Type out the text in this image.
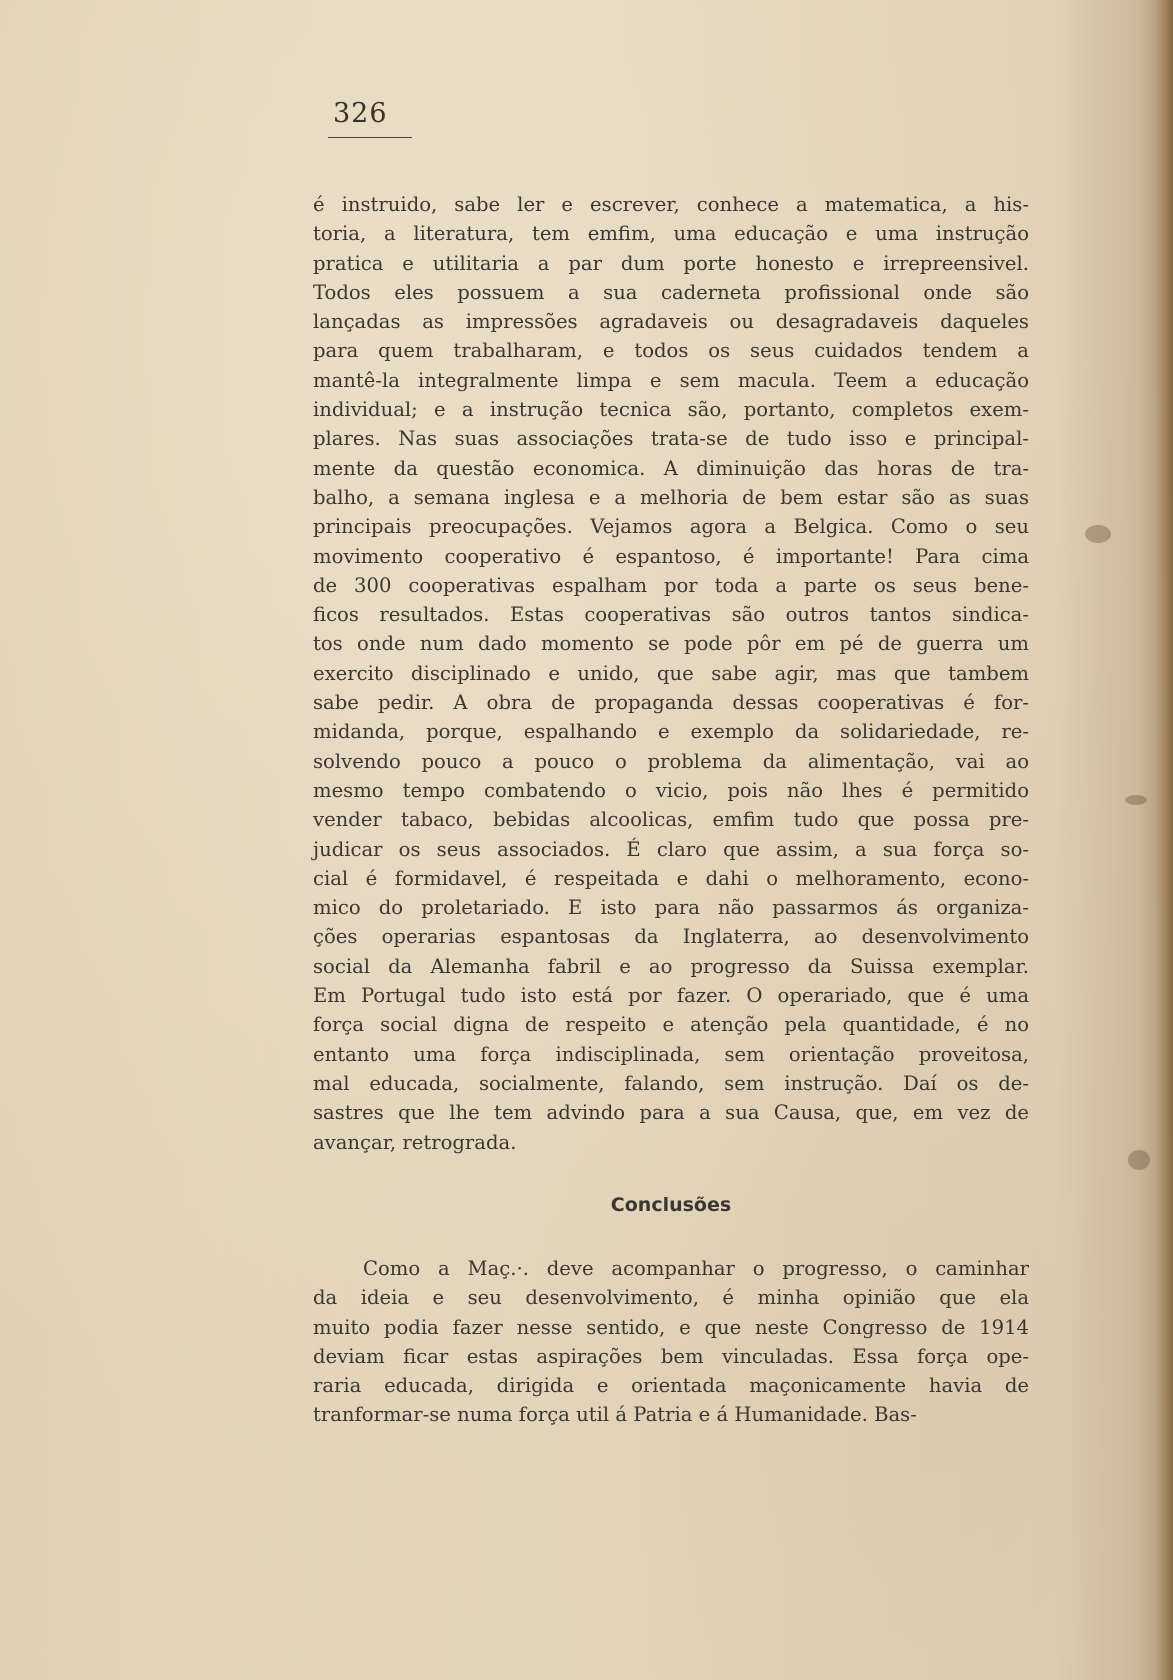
326
é instruido, sabe ler e escrever, conhece a matematica, a his-
toria, a literatura, tem emfim, uma educação e uma instrução
pratica e utilitaria a par dum porte honesto e irrepreensivel.
Todos eles possuem a sua caderneta profissional onde são
lançadas as impressões agradaveis ou desagradaveis daqueles
para quem trabalharam, e todos os seus cuidados tendem a
mantê-la integralmente limpa e sem macula. Teem a educação
individual; e a instrução tecnica são, portanto, completos exem-
plares. Nas suas associações trata-se de tudo isso e principal-
mente da questão economica. A diminuição das horas de tra-
balho, a semana inglesa e a melhoria de bem estar são as suas
principais preocupações. Vejamos agora a Belgica. Como o seu
movimento cooperativo é espantoso, é importante! Para cima
de 300 cooperativas espalham por toda a parte os seus bene-
ficos resultados. Estas cooperativas são outros tantos sindica-
tos onde num dado momento se pode pôr em pé de guerra um
exercito disciplinado e unido, que sabe agir, mas que tambem
sabe pedir. A obra de propaganda dessas cooperativas é for-
midanda, porque, espalhando e exemplo da solidariedade, re-
solvendo pouco a pouco o problema da alimentação, vai ao
mesmo tempo combatendo o vicio, pois não lhes é permitido
vender tabaco, bebidas alcoolicas, emfim tudo que possa pre-
judicar os seus associados. É claro que assim, a sua força so-
cial é formidavel, é respeitada e dahi o melhoramento, econo-
mico do proletariado. E isto para não passarmos ás organiza-
ções operarias espantosas da Inglaterra, ao desenvolvimento
social da Alemanha fabril e ao progresso da Suissa exemplar.
Em Portugal tudo isto está por fazer. O operariado, que é uma
força social digna de respeito e atenção pela quantidade, é no
entanto uma força indisciplinada, sem orientação proveitosa,
mal educada, socialmente, falando, sem instrução. Daí os de-
sastres que lhe tem advindo para a sua Causa, que, em vez de
avançar, retrograda.
Conclusões
Como a Maç.·. deve acompanhar o progresso, o caminhar
da ideia e seu desenvolvimento, é minha opinião que ela
muito podia fazer nesse sentido, e que neste Congresso de 1914
deviam ficar estas aspirações bem vinculadas. Essa força ope-
raria educada, dirigida e orientada maçonicamente havia de
tranformar-se numa força util á Patria e á Humanidade. Bas-
